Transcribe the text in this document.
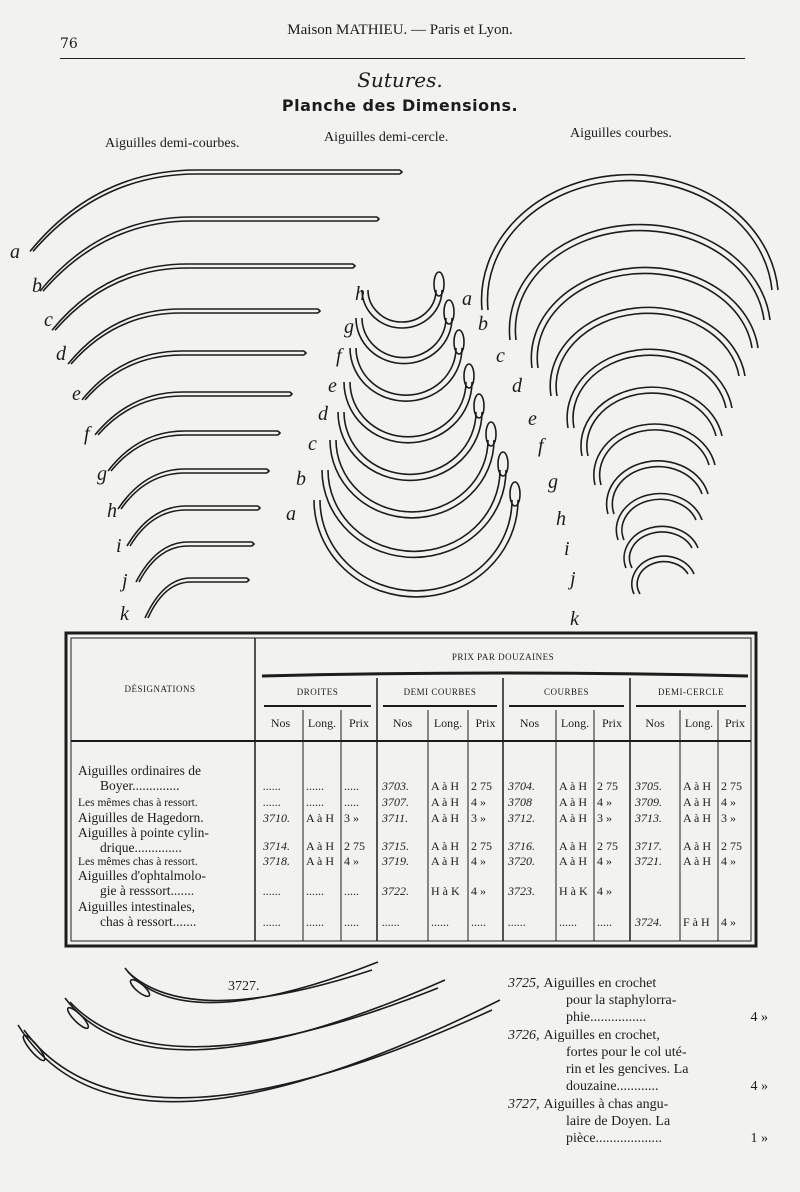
76
Maison MATHIEU. — Paris et Lyon.
Sutures.
Planche des Dimensions.
Aiguilles demi-courbes.	Aiguilles demi-cercle.	Aiguilles courbes.
a
b
c
d
e
f
g
h
i
j
k
h
g
f
e
d
c
b
a
a
b
c
d
e
f
g
h
i
j
k
DÉSIGNATIONS
PRIX PAR DOUZAINES
DROITES
Nos Long. Prix
DEMI COURBES
Nos Long. Prix
COURBES
Nos Long. Prix
DEMI-CERCLE
Nos Long. Prix
Aiguilles ordinaires de
Boyer..............	...... ...... ..... 3703. A à H 2 75 3704. A à H 2 75 3705. A à H 2 75
Les mêmes chas à ressort.	...... ...... ..... 3707. A à H 4 » 3708 A à H 4 » 3709. A à H 4 »
Aiguilles de Hagedorn.	3710. A à H 3 » 3711. A à H 3 » 3712. A à H 3 » 3713. A à H 3 »
Aiguilles à pointe cylin-
drique..............	3714. A à H 2 75 3715. A à H 2 75 3716. A à H 2 75 3717. A à H 2 75
Les mêmes chas à ressort.	3718. A à H 4 » 3719. A à H 4 » 3720. A à H 4 » 3721. A à H 4 »
Aiguilles d'ophtalmolo-
gie à resssort.......	...... ...... ..... 3722. H à K 4 » 3723. H à K 4 »
Aiguilles intestinales,
chas à ressort.......	...... ...... ..... ......	...... ..... ......	...... ..... 3724. F à H 4 »
3727.	3725, Aiguilles en crochet
pour la staphylorra-
phie................	4 »
3726, Aiguilles en crochet,
fortes pour le col uté-
rin et les gencives. La
douzaine............	4 »
3727, Aiguilles à chas angu-
laire de Doyen. La
pièce...................	1 »
